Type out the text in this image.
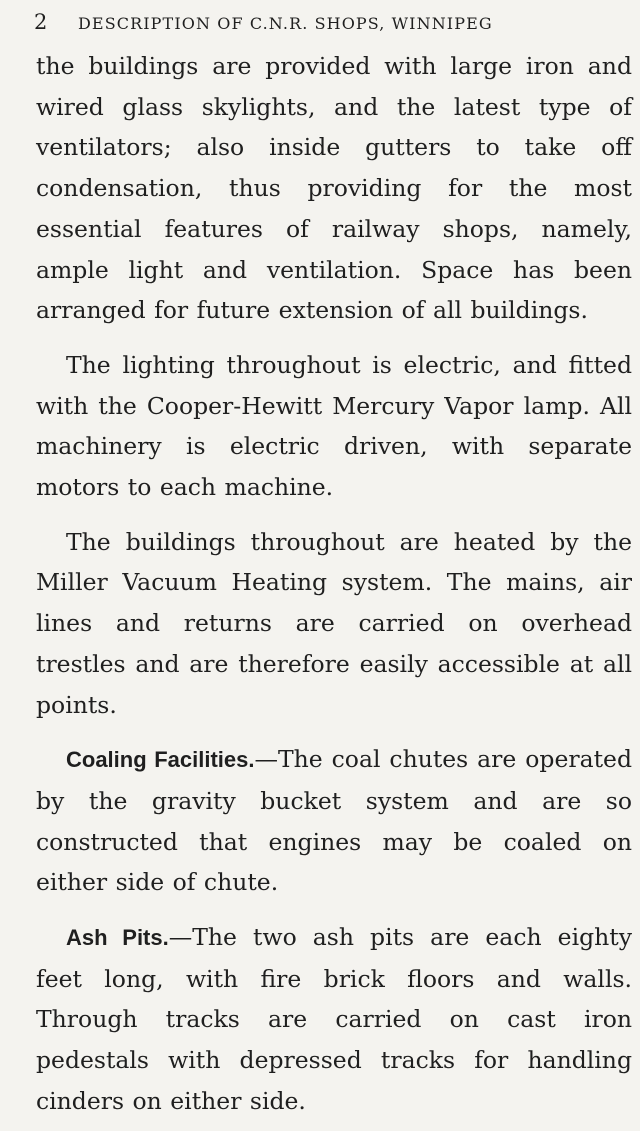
2	DESCRIPTION OF C.N.R. SHOPS, WINNIPEG

the buildings are provided with large iron and wired glass skylights, and the latest type of ventilators; also inside gutters to take off condensation, thus providing for the most essential features of railway shops, namely, ample light and ventilation. Space has been arranged for future extension of all buildings.

The lighting throughout is electric, and fitted with the Cooper-Hewitt Mercury Vapor lamp. All machinery is electric driven, with separate motors to each machine.

The buildings throughout are heated by the Miller Vacuum Heating system. The mains, air lines and returns are carried on overhead trestles and are therefore easily accessible at all points.

Coaling Facilities.—The coal chutes are operated by the gravity bucket system and are so constructed that engines may be coaled on either side of chute.

Ash Pits.—The two ash pits are each eighty feet long, with fire brick floors and walls. Through tracks are carried on cast iron pedestals with depressed tracks for handling cinders on either side.
